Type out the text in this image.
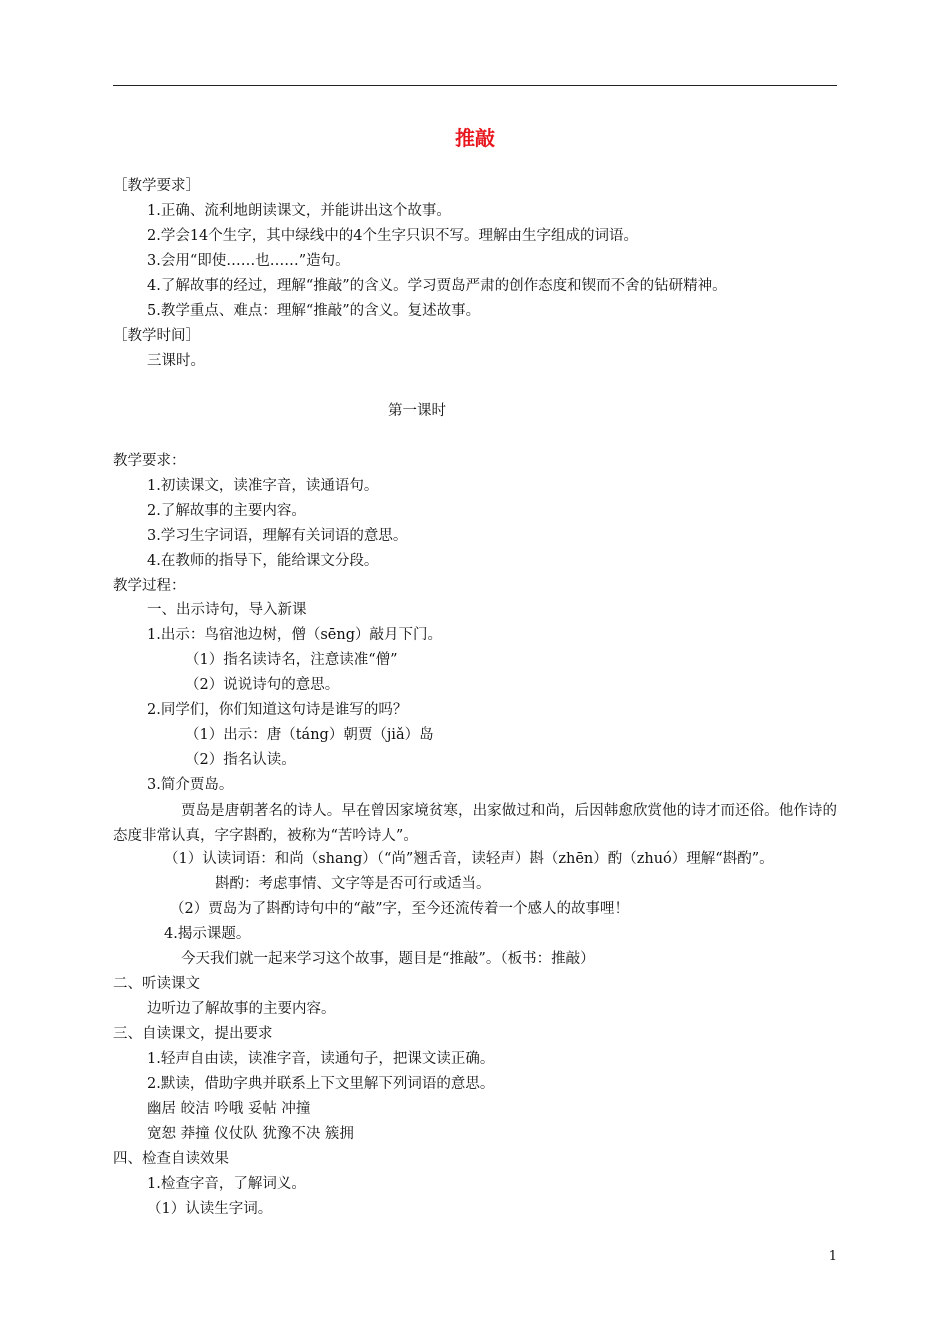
推敲
［教学要求］
1.正确、流利地朗读课文，并能讲出这个故事。
2.学会14个生字，其中绿线中的4个生字只识不写。理解由生字组成的词语。
3.会用“即使……也……”造句。
4.了解故事的经过，理解“推敲”的含义。学习贾岛严肃的创作态度和锲而不舍的钻研精神。
5.教学重点、难点：理解“推敲”的含义。复述故事。
［教学时间］
三课时。
第一课时
教学要求：
1.初读课文，读准字音，读通语句。
2.了解故事的主要内容。
3.学习生字词语，理解有关词语的意思。
4.在教师的指导下，能给课文分段。
教学过程：
一、出示诗句，导入新课
1.出示：鸟宿池边树，僧（sēng）敲月下门。
（1）指名读诗名，注意读准“僧”
（2）说说诗句的意思。
2.同学们，你们知道这句诗是谁写的吗？
（1）出示：唐（táng）朝贾（jiǎ）岛
（2）指名认读。
3.简介贾岛。
（1）认读词语：和尚（shang）（“尚”翘舌音，读轻声）斟（zhēn）酌（zhuó）理解“斟酌”。
斟酌：考虑事情、文字等是否可行或适当。
（2）贾岛为了斟酌诗句中的“敲”字，至今还流传着一个感人的故事哩！
4.揭示课题。
今天我们就一起来学习这个故事，题目是“推敲”。（板书：推敲）
二、听读课文
边听边了解故事的主要内容。
三、自读课文，提出要求
1.轻声自由读，读准字音，读通句子，把课文读正确。
2.默读，借助字典并联系上下文里解下列词语的意思。
幽居 皎洁 吟哦 妥帖 冲撞
宽恕 莽撞 仪仗队 犹豫不决 簇拥
四、检查自读效果
1.检查字音，了解词义。
（1）认读生字词。
贾岛是唐朝著名的诗人。早在曾因家境贫寒，出家做过和尚，后因韩愈欣赏他的诗才而还俗。他作诗的态度非常认真，字字斟酌，被称为“苦吟诗人”。
1
